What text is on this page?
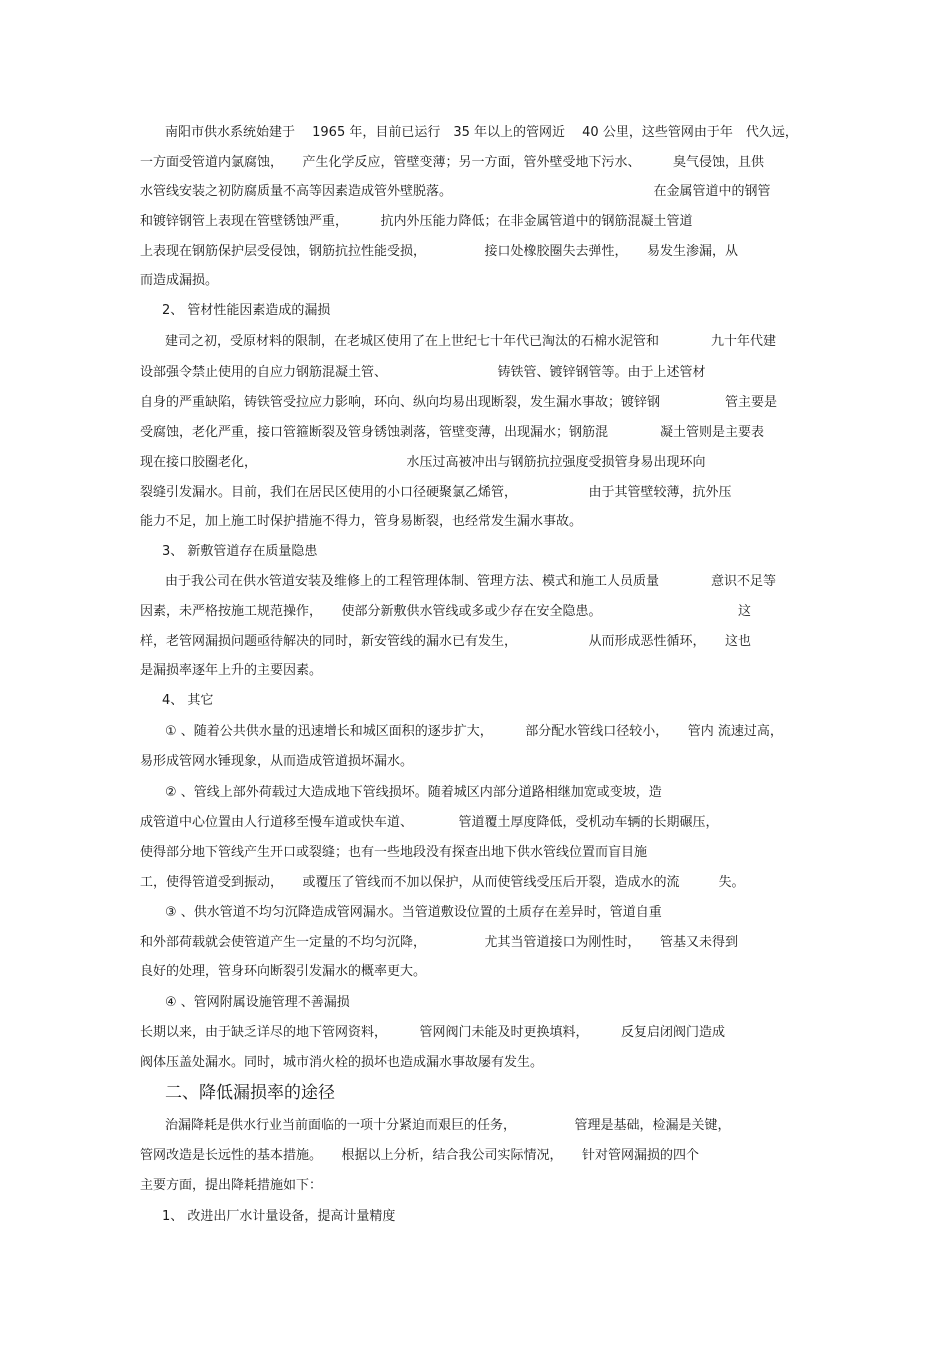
南阳市供水系统始建于　 1965 年，目前已运行　35 年以上的管网近　 40 公里，这些管网由于年　代久远，
一方面受管道内氯腐蚀，　　产生化学反应，管壁变薄；另一方面，管外壁受地下污水、　　　臭气侵蚀，且供
水管线安装之初防腐质量不高等因素造成管外壁脱落。　　　　　　　　　　　　　　　　在金属管道中的钢管
和镀锌钢管上表现在管壁锈蚀严重，　　　抗内外压能力降低；在非金属管道中的钢筋混凝土管道
上表现在钢筋保护层受侵蚀，钢筋抗拉性能受损，　　　　　接口处橡胶圈失去弹性，　　易发生渗漏，从
而造成漏损。
2、 管材性能因素造成的漏损
建司之初，受原材料的限制，在老城区使用了在上世纪七十年代已淘汰的石棉水泥管和　　　　九十年代建
设部强令禁止使用的自应力钢筋混凝土管、　　　　　　　　　铸铁管、镀锌钢管等。由于上述管材
自身的严重缺陷，铸铁管受拉应力影响，环向、纵向均易出现断裂，发生漏水事故；镀锌钢　　　　　管主要是
受腐蚀，老化严重，接口管箍断裂及管身锈蚀剥落，管壁变薄，出现漏水；钢筋混　　　　凝土管则是主要表
现在接口胶圈老化，　　　　　　　　　　　　水压过高被冲出与钢筋抗拉强度受损管身易出现环向
裂缝引发漏水。目前，我们在居民区使用的小口径硬聚氯乙烯管，　　　　　　由于其管壁较薄，抗外压
能力不足，加上施工时保护措施不得力，管身易断裂，也经常发生漏水事故。
3、 新敷管道存在质量隐患
由于我公司在供水管道安装及维修上的工程管理体制、管理方法、模式和施工人员质量　　　　意识不足等
因素，未严格按施工规范操作，　　使部分新敷供水管线或多或少存在安全隐患。　　　　　　　　　　　这
样，老管网漏损问题亟待解决的同时，新安管线的漏水已有发生，　　　　　　从而形成恶性循环，　　这也
是漏损率逐年上升的主要因素。
4、 其它
① 、随着公共供水量的迅速增长和城区面积的逐步扩大，　　　部分配水管线口径较小，　　管内 流速过高，
易形成管网水锤现象，从而造成管道损坏漏水。
② 、管线上部外荷载过大造成地下管线损坏。随着城区内部分道路相继加宽或变坡，造
成管道中心位置由人行道移至慢车道或快车道、　　　　管道覆土厚度降低，受机动车辆的长期碾压，
使得部分地下管线产生开口或裂缝；也有一些地段没有探查出地下供水管线位置而盲目施
工，使得管道受到振动，　　或覆压了管线而不加以保护，从而使管线受压后开裂，造成水的流　　　失。
③ 、供水管道不均匀沉降造成管网漏水。当管道敷设位置的土质存在差异时，管道自重
和外部荷载就会使管道产生一定量的不均匀沉降，　　　　　尤其当管道接口为刚性时，　　管基又未得到
良好的处理，管身环向断裂引发漏水的概率更大。
④ 、管网附属设施管理不善漏损
长期以来，由于缺乏详尽的地下管网资料，　　　管网阀门未能及时更换填料，　　　反复启闭阀门造成
阀体压盖处漏水。同时，城市消火栓的损坏也造成漏水事故屡有发生。
二、降低漏损率的途径
治漏降耗是供水行业当前面临的一项十分紧迫而艰巨的任务，　　　　　管理是基础，检漏是关键，
管网改造是长远性的基本措施。　　根据以上分析，结合我公司实际情况，　　针对管网漏损的四个
主要方面，提出降耗措施如下：
1、 改进出厂水计量设备，提高计量精度
